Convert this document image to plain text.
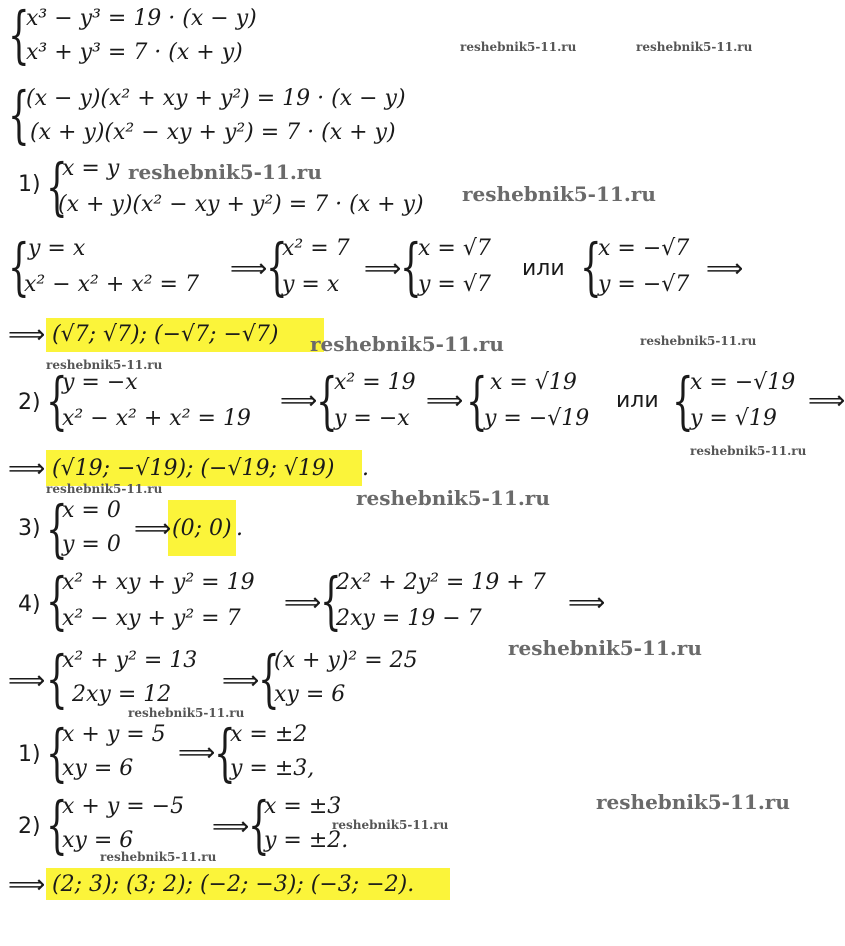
{
x³ − y³ = 19 · (x − y)
x³ + y³ = 7 · (x + y)
{
(x − y)(x² + xy + y²) = 19 · (x − y)
(x + y)(x² − xy + y²) = 7 · (x + y)
1) {
x = y
(x + y)(x² − xy + y²) = 7 · (x + y)
{
y = x
x² − x² + x² = 7
⟹
{
x² = 7
y = x
⟹
{
x = √7
y = √7
или {
x = −√7
y = −√7
⟹
⟹ (√7; √7); (−√7; −√7)
2) {
y = −x
x² − x² + x² = 19
⟹
{
x² = 19
y = −x
⟹ { x = √19
y = −√19
или {
x = −√19
y = √19
⟹
⟹ (√19; −√19); (−√19; √19) .
3) {
x = 0
y = 0
⟹ (0; 0) .
4) {
x² + xy + y² = 19
x² − xy + y² = 7
⟹
{
2x² + 2y² = 19 + 7
2xy = 19 − 7
⟹
⟹ {
x² + y² = 13
2xy = 12 ⟹
{
(x + y)² = 25
xy = 6
1) {
x + y = 5
xy = 6
⟹
{
x = ±2
y = ±3,
2) {
x + y = −5
xy = 6	⟹
{
x = ±3
y = ±2.
⟹ (2; 3); (3; 2); (−2; −3); (−3; −2).
reshebnik5-11.ru	reshebnik5-11.ru
reshebnik5-11.ru
reshebnik5-11.ru
reshebnik5-11.ru	reshebnik5-11.ru
reshebnik5-11.ru
reshebnik5-11.ru
reshebnik5-11.ru	reshebnik5-11.ru
reshebnik5-11.ru
reshebnik5-11.ru
reshebnik5-11.ru
reshebnik5-11.ru
reshebnik5-11.ru
